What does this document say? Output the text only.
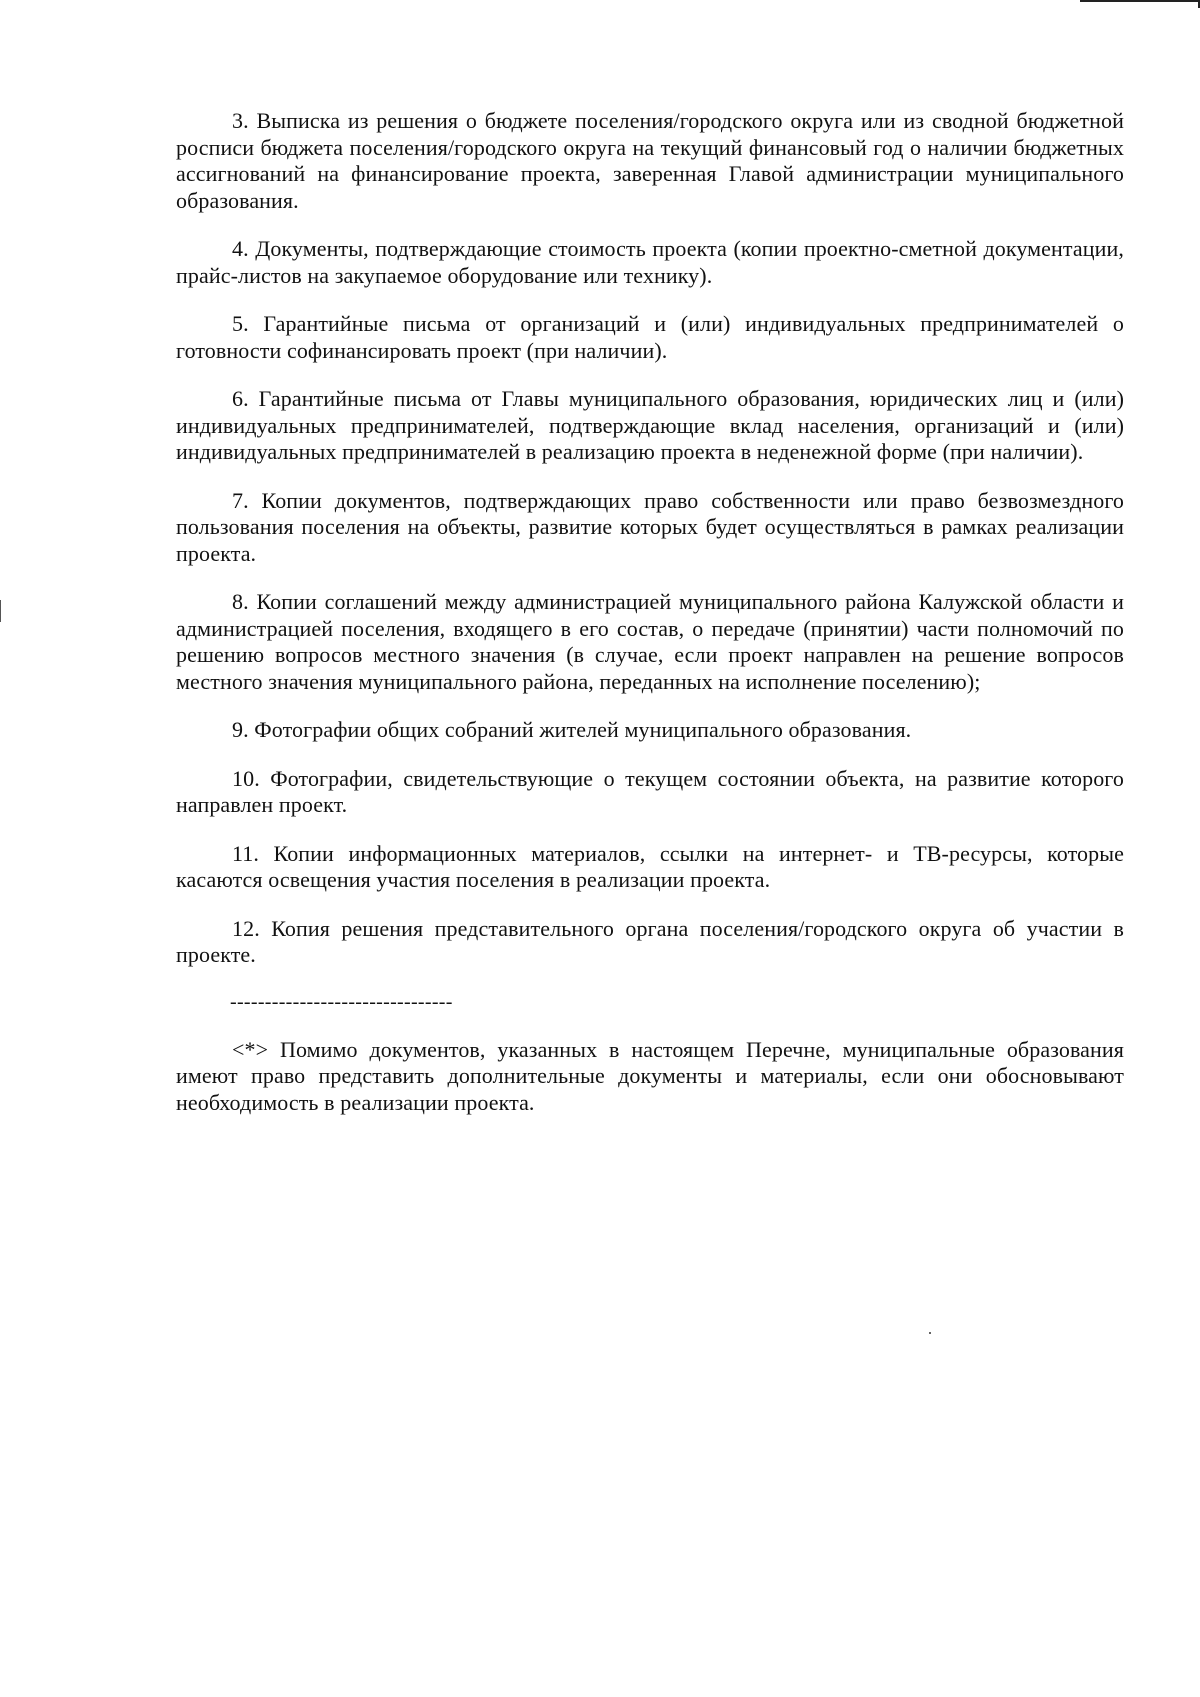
3. Выписка из решения о бюджете поселения/городского округа или из сводной бюджетной росписи бюджета поселения/городского округа на текущий финансовый год о наличии бюджетных ассигнований на финансирование проекта, заверенная Главой администрации муниципального образования.

4. Документы, подтверждающие стоимость проекта (копии проектно-сметной документации, прайс-листов на закупаемое оборудование или технику).

5. Гарантийные письма от организаций и (или) индивидуальных предпринимателей о готовности софинансировать проект (при наличии).

6. Гарантийные письма от Главы муниципального образования, юридических лиц и (или) индивидуальных предпринимателей, подтверждающие вклад населения, организаций и (или) индивидуальных предпринимателей в реализацию проекта в неденежной форме (при наличии).

7. Копии документов, подтверждающих право собственности или право безвозмездного пользования поселения на объекты, развитие которых будет осуществляться в рамках реализации проекта.

8. Копии соглашений между администрацией муниципального района Калужской области и администрацией поселения, входящего в его состав, о передаче (принятии) части полномочий по решению вопросов местного значения (в случае, если проект направлен на решение вопросов местного значения муниципального района, переданных на исполнение поселению);

9. Фотографии общих собраний жителей муниципального образования.

10. Фотографии, свидетельствующие о текущем состоянии объекта, на развитие которого направлен проект.

11. Копии информационных материалов, ссылки на интернет- и ТВ-ресурсы, которые касаются освещения участия поселения в реализации проекта.

12. Копия решения представительного органа поселения/городского округа об участии в проекте.

--------------------------------

<*> Помимо документов, указанных в настоящем Перечне, муниципальные образования имеют право представить дополнительные документы и материалы, если они обосновывают необходимость в реализации проекта.
